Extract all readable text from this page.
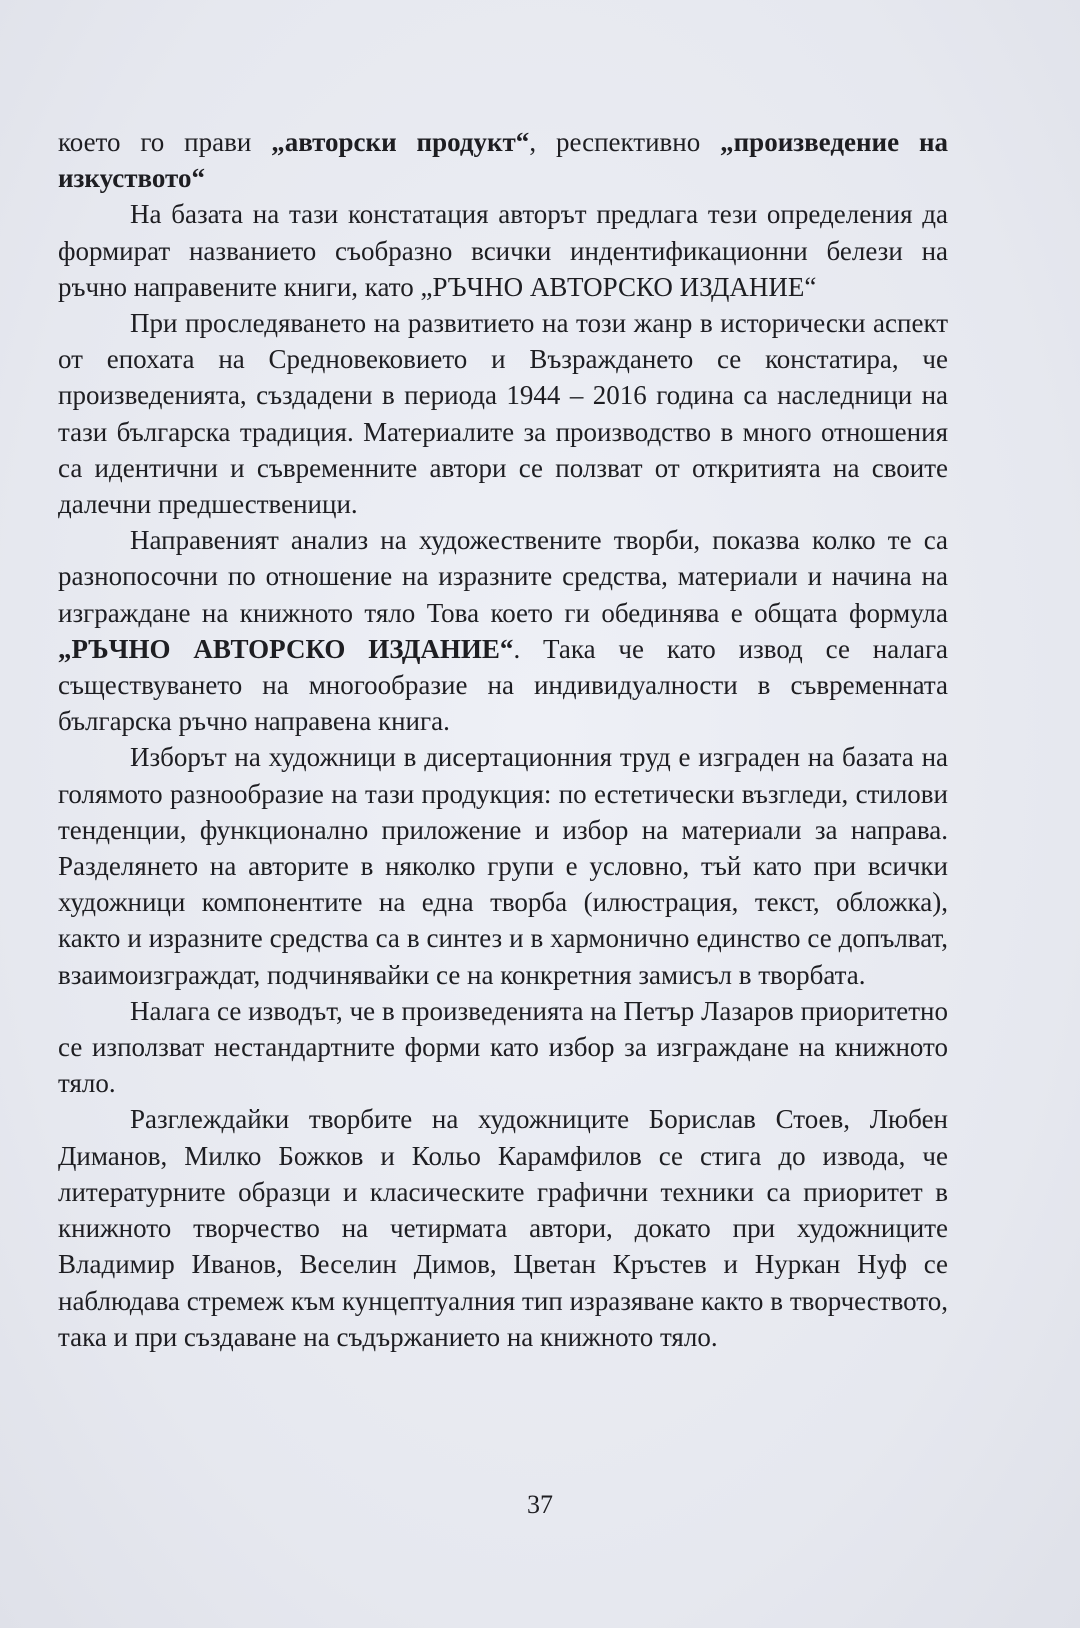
което го прави „авторски продукт“, респективно „произведение на изкуството“

На базата на тази констатация авторът предлага тези определения да формират названието съобразно всички индентификационни белези на ръчно направените книги, като „РЪЧНО АВТОРСКО ИЗДАНИЕ“

При проследяването на развитието на този жанр в исторически аспект от епохата на Средновековието и Възраждането се констатира, че произведенията, създадени в периода 1944 – 2016 година са наследници на тази българска традиция. Материалите за производство в много отношения са идентични и съвременните автори се ползват от откритията на своите далечни предшественици.

Направеният анализ на художествените творби, показва колко те са разнопосочни по отношение на изразните средства, материали и начина на изграждане на книжното тяло Това което ги обединява е общата формула „РЪЧНО АВТОРСКО ИЗДАНИЕ“. Така че като извод се налага съществуването на многообразие на индивидуалности в съвременната българска ръчно направена книга.

Изборът на художници в дисертационния труд е изграден на базата на голямото разнообразие на тази продукция: по естетически възгледи, стилови тенденции, функционално приложение и избор на материали за направа. Разделянето на авторите в няколко групи е условно, тъй като при всички художници компонентите на една творба (илюстрация, текст, обложка), както и изразните средства са в синтез и в хармонично единство се допълват, взаимоизграждат, подчинявайки се на конкретния замисъл в творбата.

Налага се изводът, че в произведенията на Петър Лазаров приоритетно се използват нестандартните форми като избор за изграждане на книжното тяло.

Разглеждайки творбите на художниците Борислав Стоев, Любен Диманов, Милко Божков и Кольо Карамфилов се стига до извода, че литературните образци и класическите графични техники са приоритет в книжното творчество на четирмата автори, докато при художниците Владимир Иванов, Веселин Димов, Цветан Кръстев и Нуркан Нуф се наблюдава стремеж към кунцептуалния тип изразяване както в творчеството, така и при създаване на съдържанието на книжното тяло.

37
